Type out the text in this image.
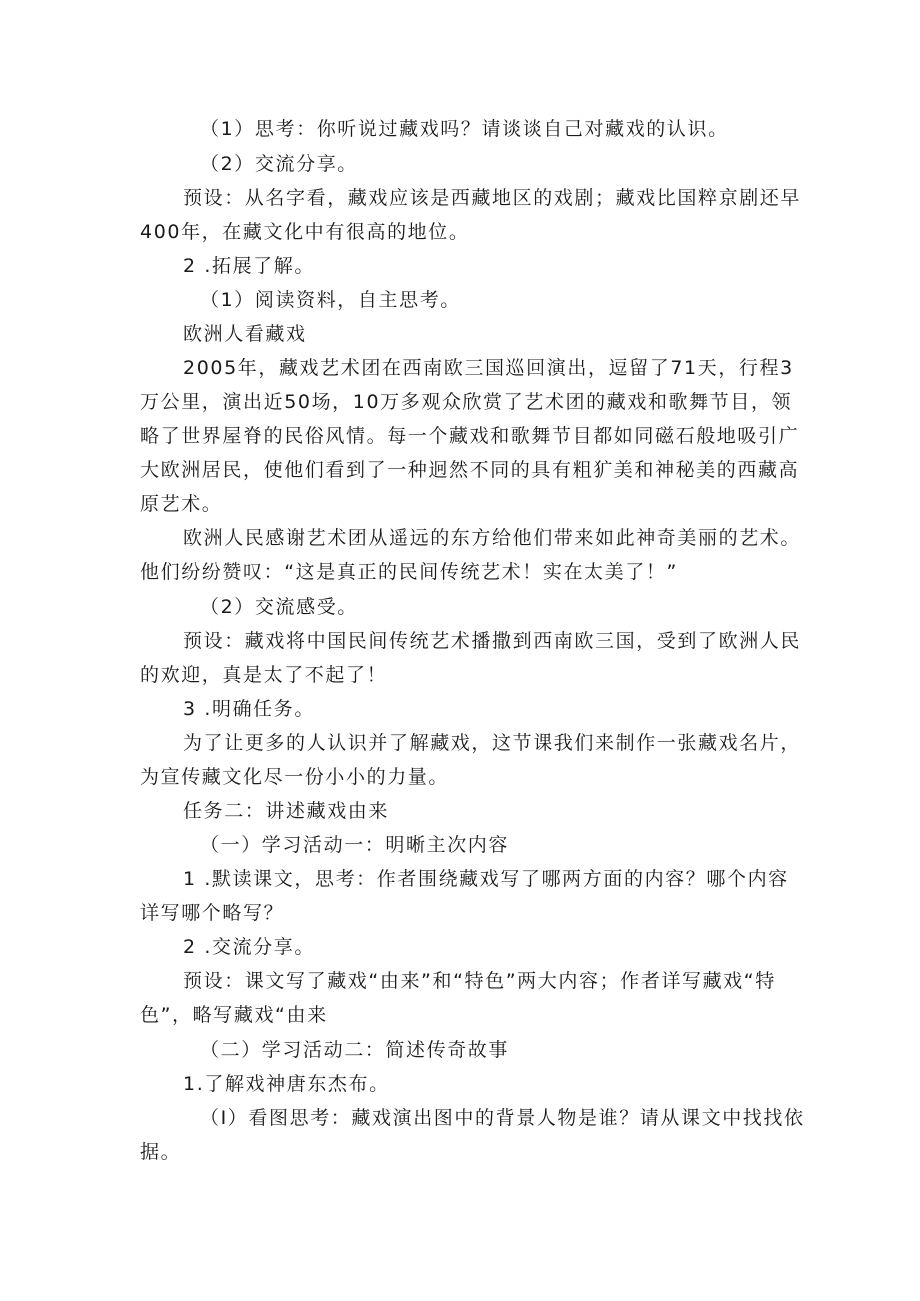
（1）思考：你听说过藏戏吗？请谈谈自己对藏戏的认识。
（2）交流分享。
预设：从名字看，藏戏应该是西藏地区的戏剧；藏戏比国粹京剧还早
400年，在藏文化中有很高的地位。
2 .拓展了解。
（1）阅读资料，自主思考。
欧洲人看藏戏
2005年，藏戏艺术团在西南欧三国巡回演出，逗留了71天，行程3
万公里，演出近50场，10万多观众欣赏了艺术团的藏戏和歌舞节目，领
略了世界屋脊的民俗风情。每一个藏戏和歌舞节目都如同磁石般地吸引广
大欧洲居民，使他们看到了一种迥然不同的具有粗犷美和神秘美的西藏高
原艺术。
欧洲人民感谢艺术团从遥远的东方给他们带来如此神奇美丽的艺术。
他们纷纷赞叹：“这是真正的民间传统艺术！实在太美了！”
（2）交流感受。
预设：藏戏将中国民间传统艺术播撒到西南欧三国，受到了欧洲人民
的欢迎，真是太了不起了！
3 .明确任务。
为了让更多的人认识并了解藏戏，这节课我们来制作一张藏戏名片，
为宣传藏文化尽一份小小的力量。
任务二：讲述藏戏由来
（一）学习活动一：明晰主次内容
1 .默读课文，思考：作者围绕藏戏写了哪两方面的内容？哪个内容
详写哪个略写？
2 .交流分享。
预设：课文写了藏戏“由来”和“特色”两大内容；作者详写藏戏“特
色”，略写藏戏“由来
（二）学习活动二：简述传奇故事
1.了解戏神唐东杰布。
（I）看图思考：藏戏演出图中的背景人物是谁？请从课文中找找依
据。
